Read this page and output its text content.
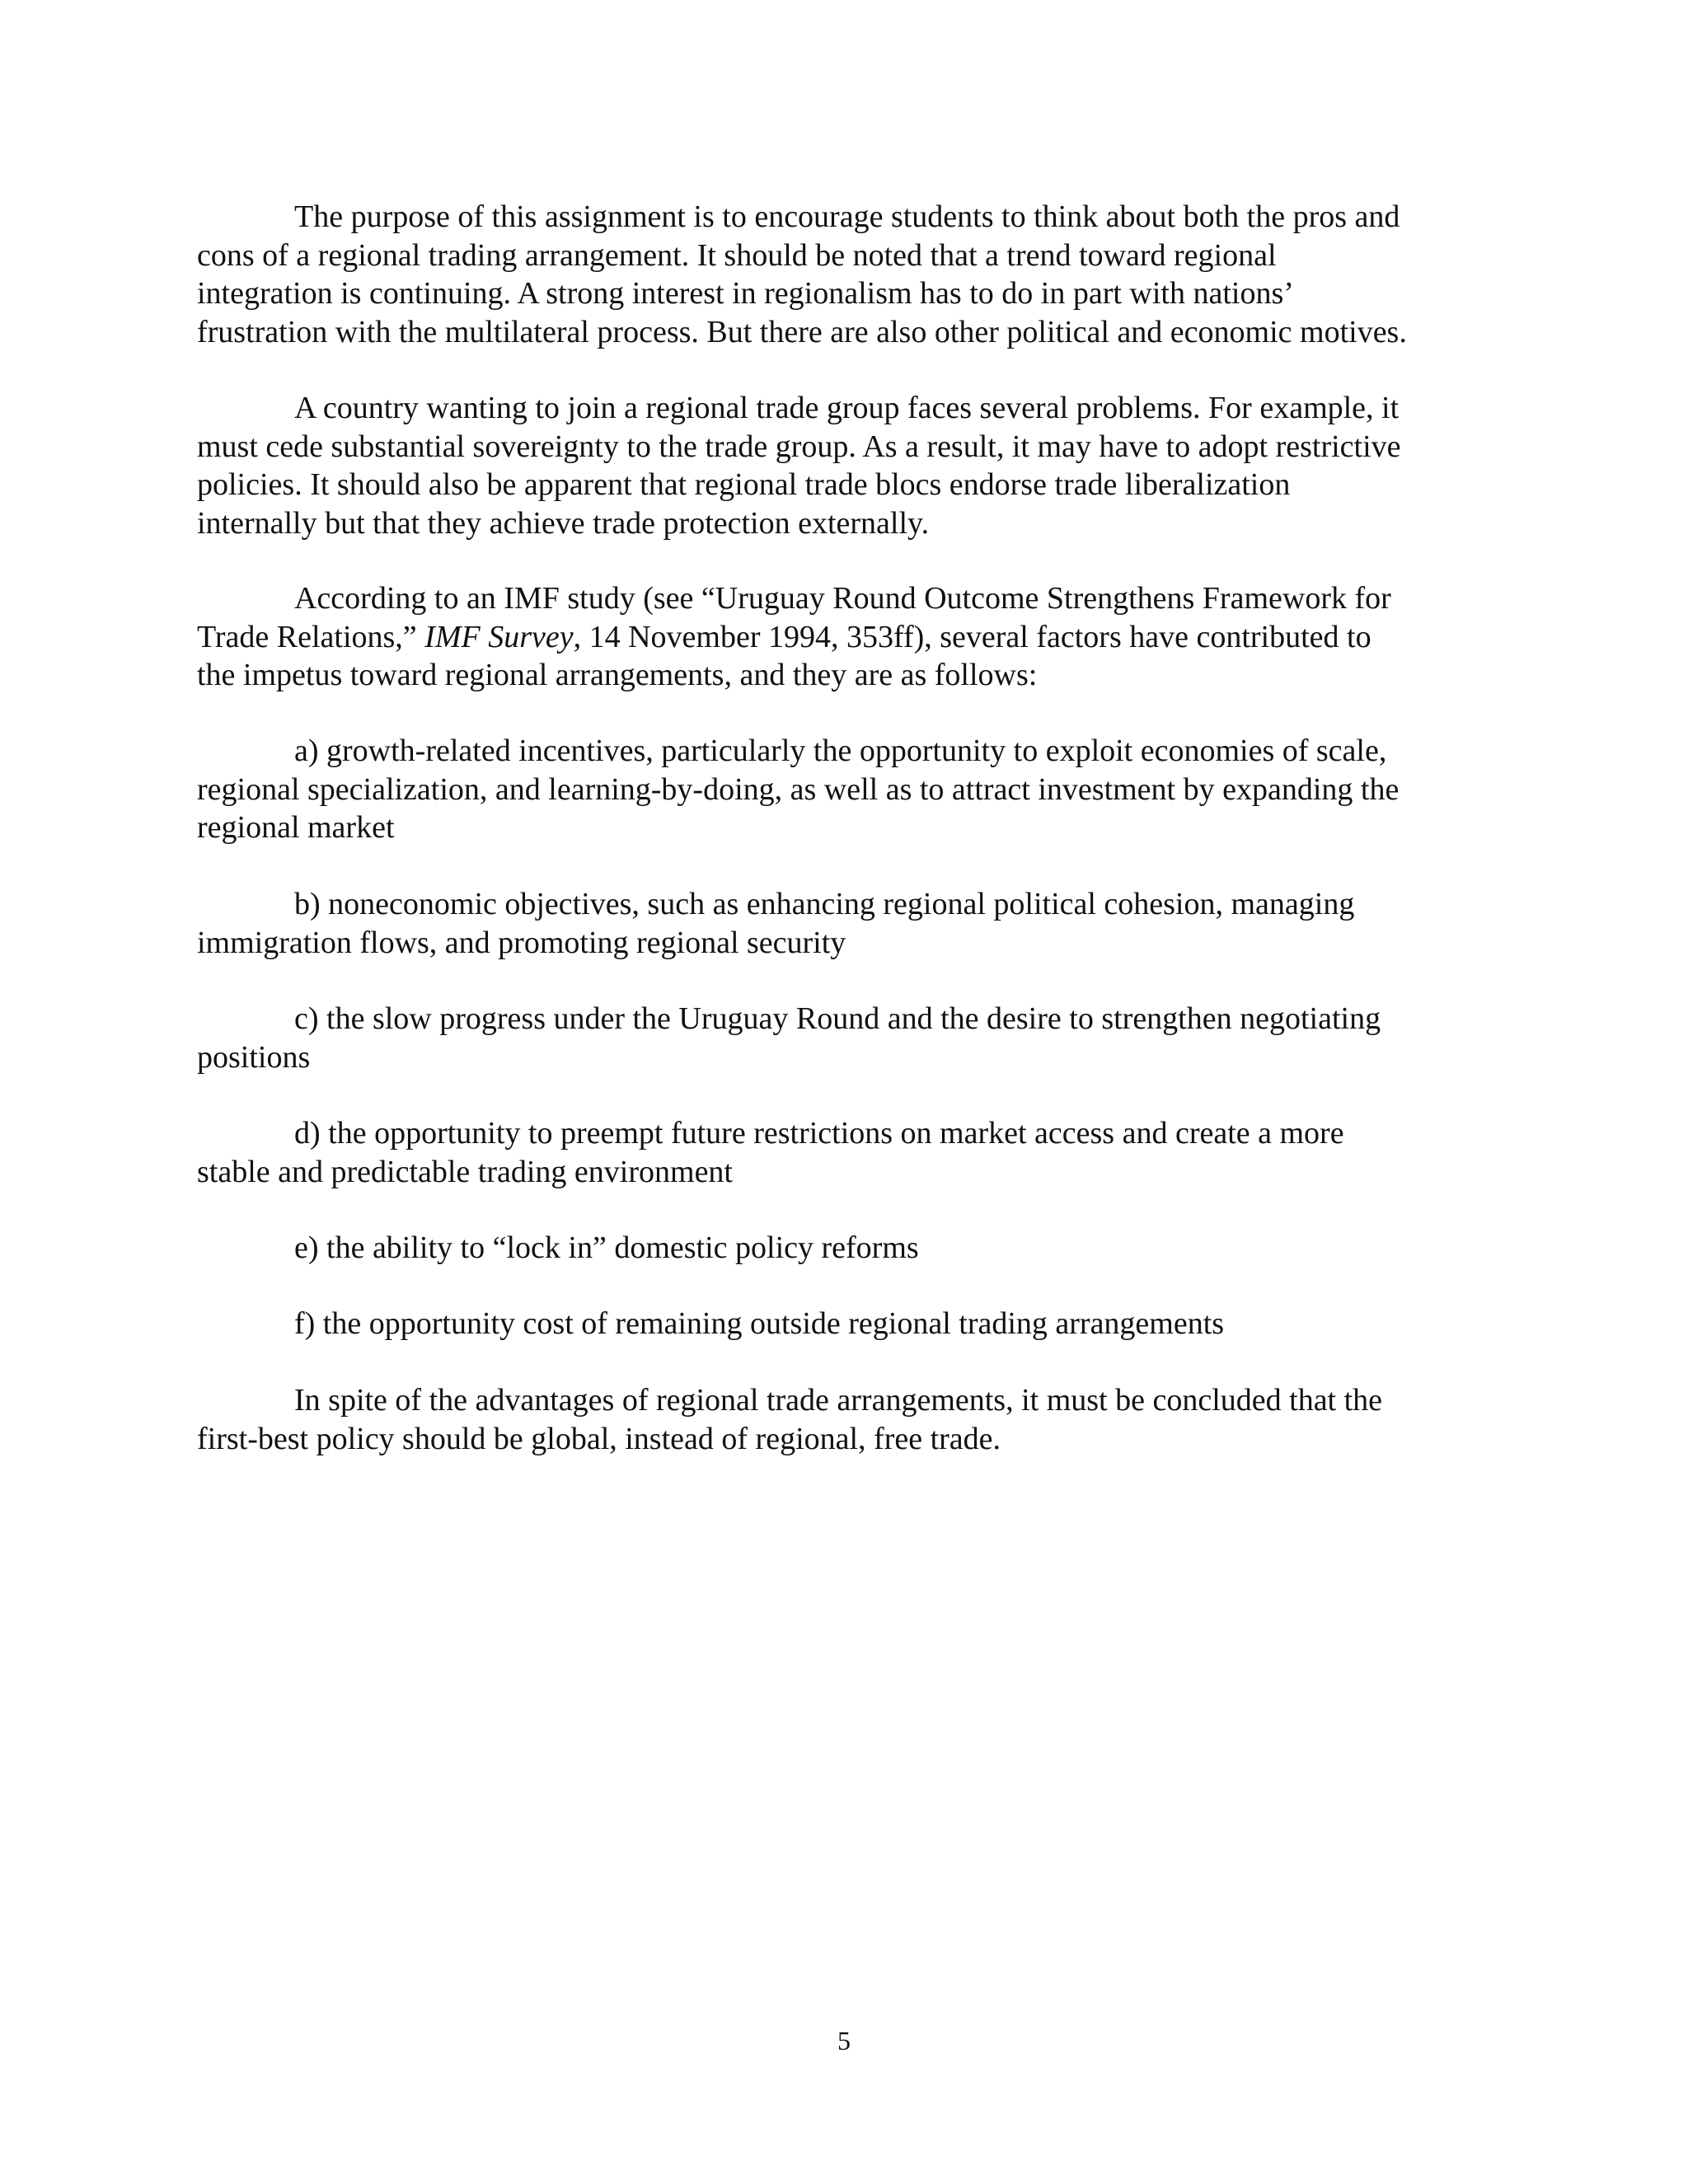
The purpose of this assignment is to encourage students to think about both the pros and
cons of a regional trading arrangement. It should be noted that a trend toward regional
integration is continuing. A strong interest in regionalism has to do in part with nations’
frustration with the multilateral process. But there are also other political and economic motives.
A country wanting to join a regional trade group faces several problems. For example, it
must cede substantial sovereignty to the trade group. As a result, it may have to adopt restrictive
policies. It should also be apparent that regional trade blocs endorse trade liberalization
internally but that they achieve trade protection externally.
According to an IMF study (see “Uruguay Round Outcome Strengthens Framework for
Trade Relations,” IMF Survey, 14 November 1994, 353ff), several factors have contributed to
the impetus toward regional arrangements, and they are as follows:
a) growth-related incentives, particularly the opportunity to exploit economies of scale,
regional specialization, and learning-by-doing, as well as to attract investment by expanding the
regional market
b) noneconomic objectives, such as enhancing regional political cohesion, managing
immigration flows, and promoting regional security
c) the slow progress under the Uruguay Round and the desire to strengthen negotiating
positions
d) the opportunity to preempt future restrictions on market access and create a more
stable and predictable trading environment
e) the ability to “lock in” domestic policy reforms
f) the opportunity cost of remaining outside regional trading arrangements
In spite of the advantages of regional trade arrangements, it must be concluded that the
first-best policy should be global, instead of regional, free trade.

5
